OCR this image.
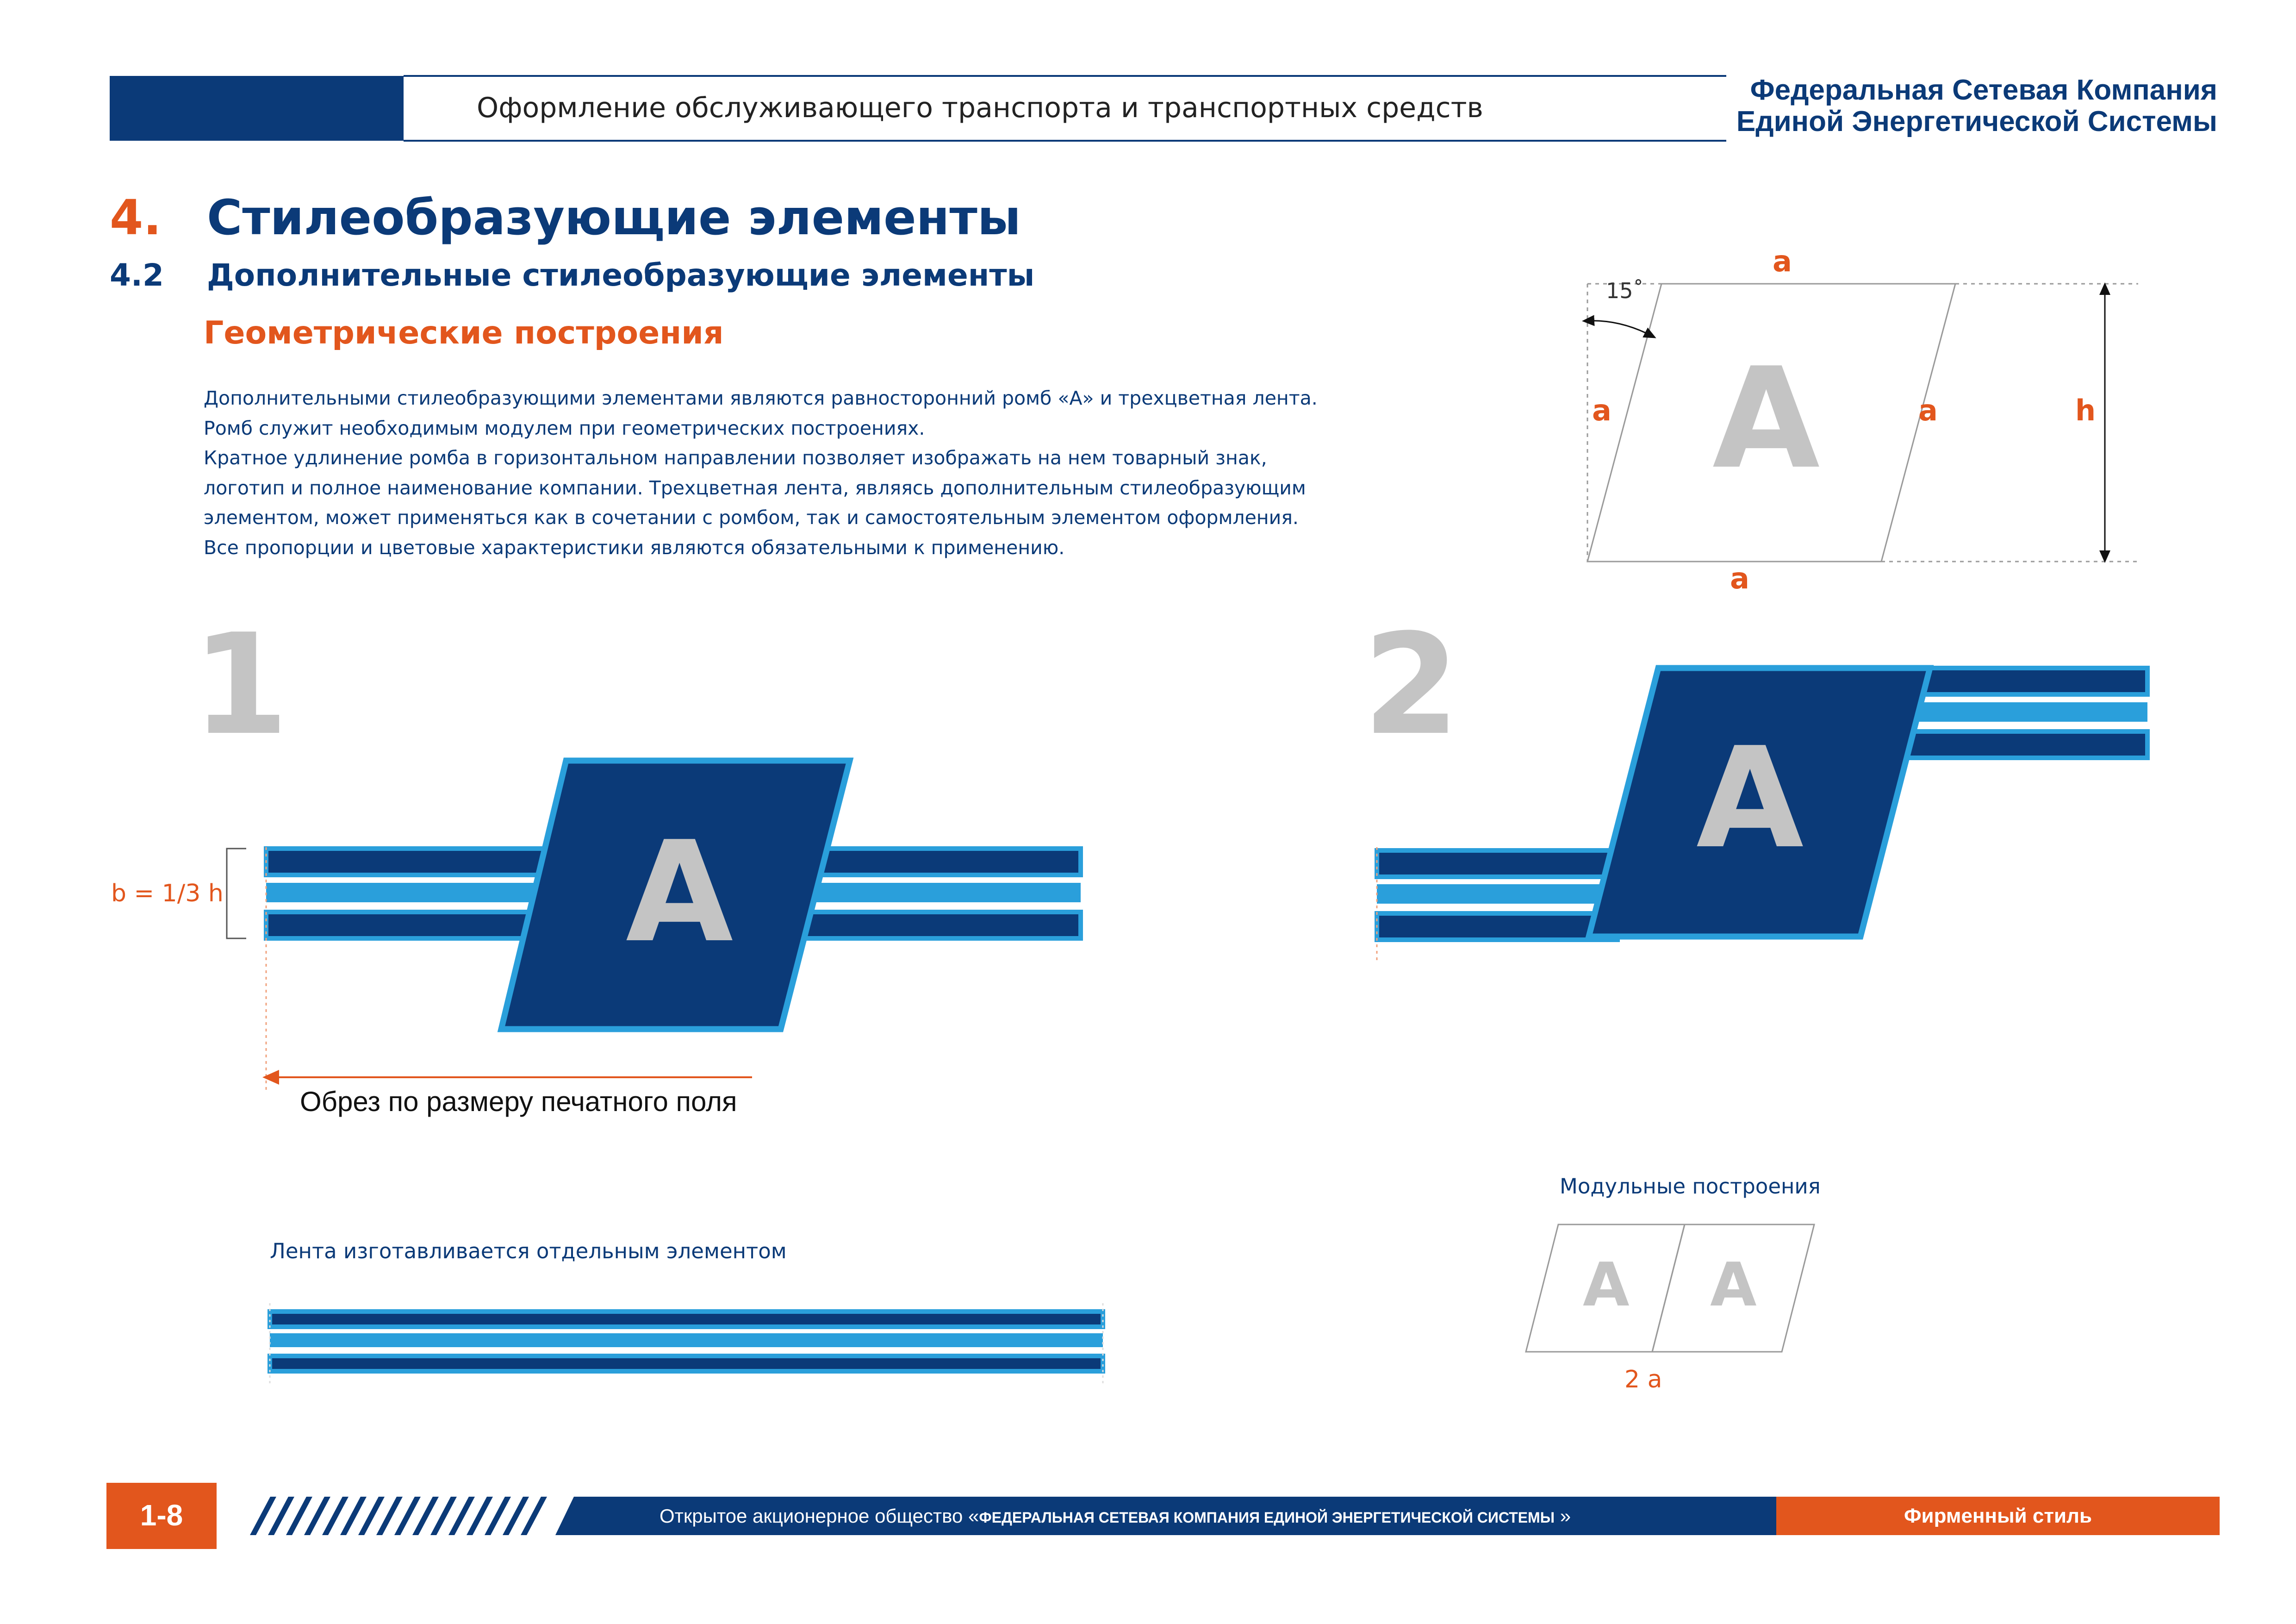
Оформление обслуживающего транспорта и транспортных средств
Федеральная Сетевая Компания
Единой Энергетической Системы
4. Стилеобразующие элементы
4.2 Дополнительные стилеобразующие элементы
Геометрические построения
Дополнительными стилеобразующими элементами являются равносторонний ромб «А» и трехцветная лента.
Ромб служит необходимым модулем при геометрических построениях.
Кратное удлинение ромба в горизонтальном направлении позволяет изображать на нем товарный знак,
логотип и полное наименование компании. Трехцветная лента, являясь дополнительным стилеобразующим
элементом, может применяться как в сочетании с ромбом, так и самостоятельным элементом оформления.
Все пропорции и цветовые характеристики являются обязательными к применению.
a
a	a
a
h
15˚
A
1
A
b = 1/3 h
Обрез по размеру печатного поля
2
A
Лента изготавливается отдельным элементом
Модульные построения
A A
2 а
1-8	Открытое акционерное общество «ФЕДЕРАЛЬНАЯ СЕТЕВАЯ КОМПАНИЯ ЕДИНОЙ ЭНЕРГЕТИЧЕСКОЙ СИСТЕМЫ »	Фирменный стиль
